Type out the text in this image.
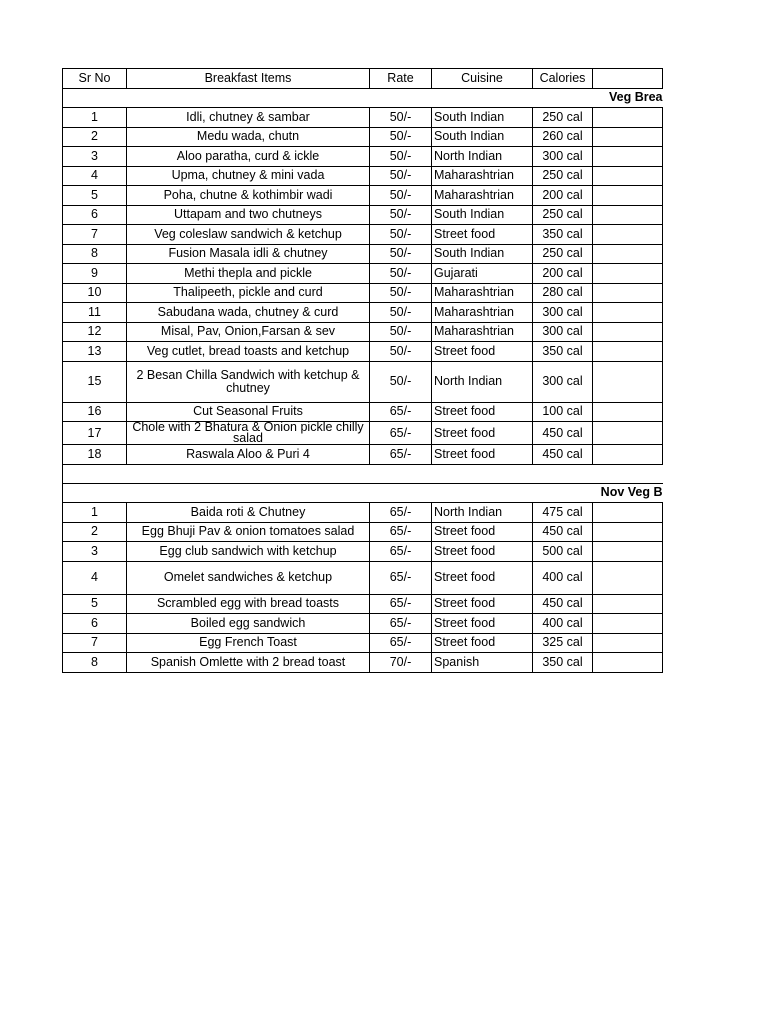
Sr No	Breakfast Items	Rate	Cuisine	Calories	
				Veg Brea	
1	Idli, chutney & sambar	50/-	South Indian	250 cal	
2	Medu wada, chutn	50/-	South Indian	260 cal	
3	Aloo paratha, curd & ickle	50/-	North Indian	300 cal	
4	Upma, chutney & mini vada	50/-	Maharashtrian	250 cal	
5	Poha, chutne & kothimbir wadi	50/-	Maharashtrian	200 cal	
6	Uttapam and two chutneys	50/-	South Indian	250 cal	
7	Veg coleslaw sandwich & ketchup	50/-	Street food	350 cal	
8	Fusion Masala idli & chutney	50/-	South Indian	250 cal	
9	Methi thepla and pickle	50/-	Gujarati	200 cal	
10	Thalipeeth, pickle and curd	50/-	Maharashtrian	280 cal	
11	Sabudana wada, chutney & curd	50/-	Maharashtrian	300 cal	
12	Misal, Pav, Onion,Farsan & sev	50/-	Maharashtrian	300 cal	
13	Veg cutlet, bread toasts and ketchup	50/-	Street food	350 cal	
15	2 Besan Chilla Sandwich with ketchup & chutney	50/-	North Indian	300 cal	
16	Cut Seasonal Fruits	65/-	Street food	100 cal	
17	Chole with 2 Bhatura & Onion pickle chilly salad	65/-	Street food	450 cal	
18	Raswala Aloo & Puri 4	65/-	Street food	450 cal	

				Nov Veg B	
1	Baida roti & Chutney	65/-	North Indian	475 cal	
2	Egg Bhuji Pav & onion tomatoes salad	65/-	Street food	450 cal	
3	Egg club sandwich with ketchup	65/-	Street food	500 cal	
4	Omelet sandwiches & ketchup	65/-	Street food	400 cal	
5	Scrambled egg with bread toasts	65/-	Street food	450 cal	
6	Boiled egg sandwich	65/-	Street food	400 cal	
7	Egg French Toast	65/-	Street food	325 cal	
8	Spanish Omlette with 2 bread toast	70/-	Spanish	350 cal	
